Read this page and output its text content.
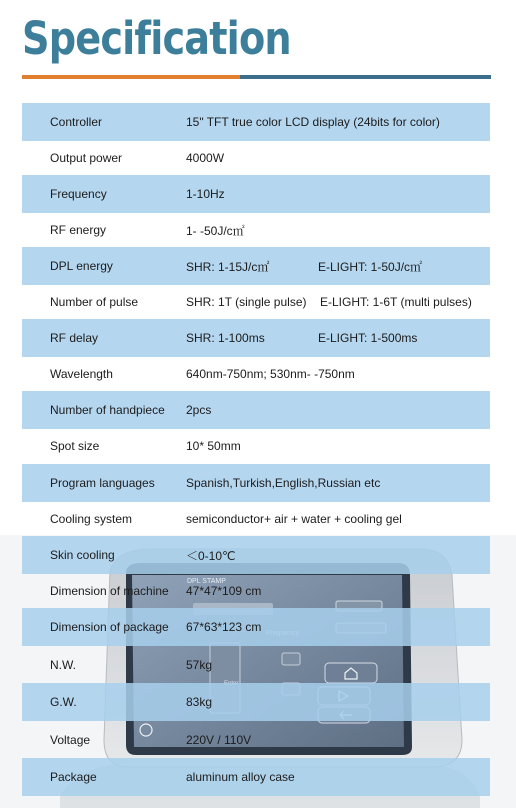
Specification
DPL STAMP
Controller	15" TFT true color LCD display (24bits for color)
Output power	4000W
Frequency	1-10Hz
RF energy	1- -50J/c㎡
DPL energy	SHR: 1-15J/c㎡	E-LIGHT: 1-50J/c㎡
Number of pulse	SHR: 1T (single pulse) E-LIGHT: 1-6T (multi pulses)
RF delay	SHR: 1-100ms	E-LIGHT: 1-500ms
Wavelength	640nm-750nm; 530nm- -750nm
Number of handpiece 2pcs
Spot size	10* 50mm
Program languages	Spanish,Turkish,English,Russian etc
Cooling system	semiconductor+ air + water + cooling gel
Skin cooling	＜0-10℃
Dimension of machine 47*47*109 cm
Dimension of package 67*63*123 cm
N.W.	57kg
G.W.	83kg
Voltage	220V / 110V
Package	aluminum alloy case
